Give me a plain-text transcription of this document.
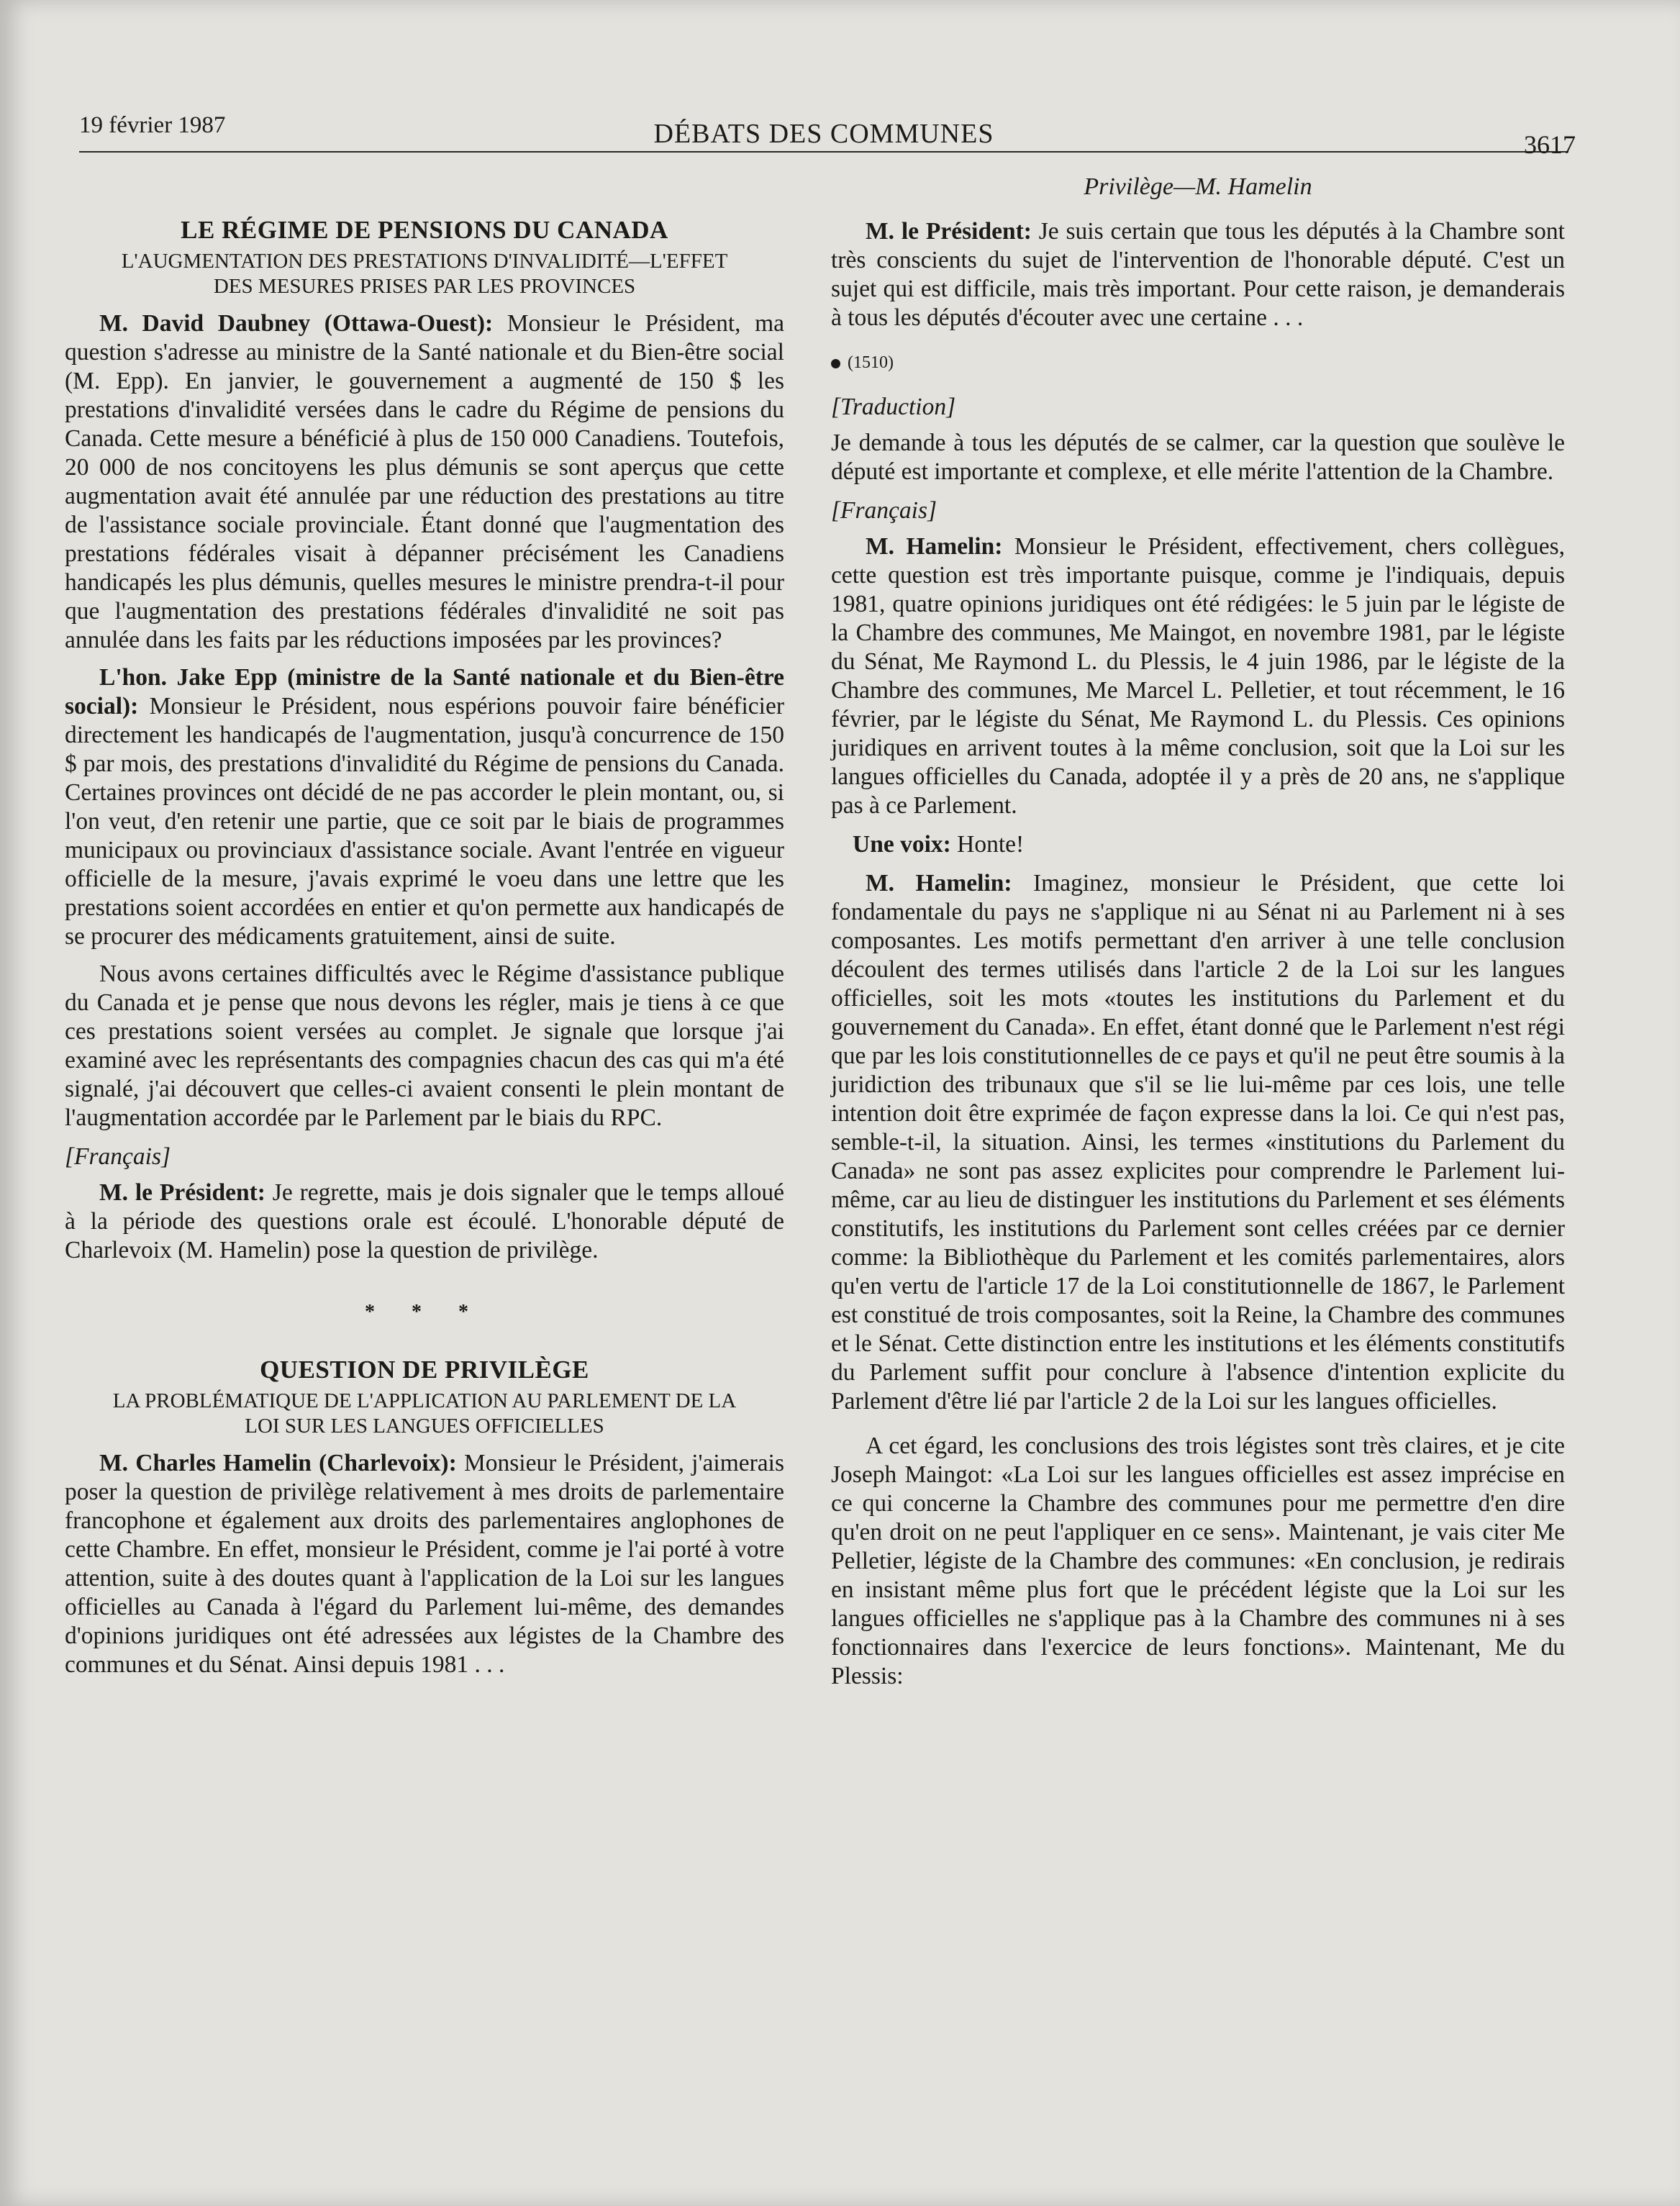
19 février 1987	DÉBATS DES COMMUNES	3617
LE RÉGIME DE PENSIONS DU CANADA
L'AUGMENTATION DES PRESTATIONS D'INVALIDITÉ—L'EFFET
DES MESURES PRISES PAR LES PROVINCES

M. David Daubney (Ottawa-Ouest): Monsieur le Président, ma question s'adresse au ministre de la Santé nationale et du Bien-être social (M. Epp). En janvier, le gouvernement a augmenté de 150 $ les prestations d'invalidité versées dans le cadre du Régime de pensions du Canada. Cette mesure a bénéficié à plus de 150 000 Canadiens. Toutefois, 20 000 de nos concitoyens les plus démunis se sont aperçus que cette augmentation avait été annulée par une réduction des prestations au titre de l'assistance sociale provinciale. Étant donné que l'augmentation des prestations fédérales visait à dépanner précisément les Canadiens handicapés les plus démunis, quelles mesures le ministre prendra-t-il pour que l'augmentation des prestations fédérales d'invalidité ne soit pas annulée dans les faits par les réductions imposées par les provinces?

L'hon. Jake Epp (ministre de la Santé nationale et du Bien-être social): Monsieur le Président, nous espérions pouvoir faire bénéficier directement les handicapés de l'augmentation, jusqu'à concurrence de 150 $ par mois, des prestations d'invalidité du Régime de pensions du Canada. Certaines provinces ont décidé de ne pas accorder le plein montant, ou, si l'on veut, d'en retenir une partie, que ce soit par le biais de programmes municipaux ou provinciaux d'assistance sociale. Avant l'entrée en vigueur officielle de la mesure, j'avais exprimé le voeu dans une lettre que les prestations soient accordées en entier et qu'on permette aux handicapés de se procurer des médicaments gratuitement, ainsi de suite.

Nous avons certaines difficultés avec le Régime d'assistance publique du Canada et je pense que nous devons les régler, mais je tiens à ce que ces prestations soient versées au complet. Je signale que lorsque j'ai examiné avec les représentants des compagnies chacun des cas qui m'a été signalé, j'ai découvert que celles-ci avaient consenti le plein montant de l'augmentation accordée par le Parlement par le biais du RPC.

[Français]

M. le Président: Je regrette, mais je dois signaler que le temps alloué à la période des questions orale est écoulé. L'honorable député de Charlevoix (M. Hamelin) pose la question de privilège.

* * *
QUESTION DE PRIVILÈGE
LA PROBLÉMATIQUE DE L'APPLICATION AU PARLEMENT DE LA
LOI SUR LES LANGUES OFFICIELLES

M. Charles Hamelin (Charlevoix): Monsieur le Président, j'aimerais poser la question de privilège relativement à mes droits de parlementaire francophone et également aux droits des parlementaires anglophones de cette Chambre. En effet, monsieur le Président, comme je l'ai porté à votre attention, suite à des doutes quant à l'application de la Loi sur les langues officielles au Canada à l'égard du Parlement lui-même, des demandes d'opinions juridiques ont été adressées aux légistes de la Chambre des communes et du Sénat. Ainsi depuis 1981 . . .

Privilège—M. Hamelin

M. le Président: Je suis certain que tous les députés à la Chambre sont très conscients du sujet de l'intervention de l'honorable député. C'est un sujet qui est difficile, mais très important. Pour cette raison, je demanderais à tous les députés d'écouter avec une certaine . . .

(1510)
[Traduction]

Je demande à tous les députés de se calmer, car la question que soulève le député est importante et complexe, et elle mérite l'attention de la Chambre.

[Français]

M. Hamelin: Monsieur le Président, effectivement, chers collègues, cette question est très importante puisque, comme je l'indiquais, depuis 1981, quatre opinions juridiques ont été rédigées: le 5 juin par le légiste de la Chambre des communes, Me Maingot, en novembre 1981, par le légiste du Sénat, Me Raymond L. du Plessis, le 4 juin 1986, par le légiste de la Chambre des communes, Me Marcel L. Pelletier, et tout récemment, le 16 février, par le légiste du Sénat, Me Raymond L. du Plessis. Ces opinions juridiques en arrivent toutes à la même conclusion, soit que la Loi sur les langues officielles du Canada, adoptée il y a près de 20 ans, ne s'applique pas à ce Parlement.

Une voix: Honte!

M. Hamelin: Imaginez, monsieur le Président, que cette loi fondamentale du pays ne s'applique ni au Sénat ni au Parlement ni à ses composantes. Les motifs permettant d'en arriver à une telle conclusion découlent des termes utilisés dans l'article 2 de la Loi sur les langues officielles, soit les mots «toutes les institutions du Parlement et du gouvernement du Canada». En effet, étant donné que le Parlement n'est régi que par les lois constitutionnelles de ce pays et qu'il ne peut être soumis à la juridiction des tribunaux que s'il se lie lui-même par ces lois, une telle intention doit être exprimée de façon expresse dans la loi. Ce qui n'est pas, semble-t-il, la situation. Ainsi, les termes «institutions du Parlement du Canada» ne sont pas assez explicites pour comprendre le Parlement lui-même, car au lieu de distinguer les institutions du Parlement et ses éléments constitutifs, les institutions du Parlement sont celles créées par ce dernier comme: la Bibliothèque du Parlement et les comités parlementaires, alors qu'en vertu de l'article 17 de la Loi constitutionnelle de 1867, le Parlement est constitué de trois composantes, soit la Reine, la Chambre des communes et le Sénat. Cette distinction entre les institutions et les éléments constitutifs du Parlement suffit pour conclure à l'absence d'intention explicite du Parlement d'être lié par l'article 2 de la Loi sur les langues officielles.

A cet égard, les conclusions des trois légistes sont très claires, et je cite Joseph Maingot: «La Loi sur les langues officielles est assez imprécise en ce qui concerne la Chambre des communes pour me permettre d'en dire qu'en droit on ne peut l'appliquer en ce sens». Maintenant, je vais citer Me Pelletier, légiste de la Chambre des communes: «En conclusion, je redirais en insistant même plus fort que le précédent légiste que la Loi sur les langues officielles ne s'applique pas à la Chambre des communes ni à ses fonctionnaires dans l'exercice de leurs fonctions». Maintenant, Me du Plessis:
